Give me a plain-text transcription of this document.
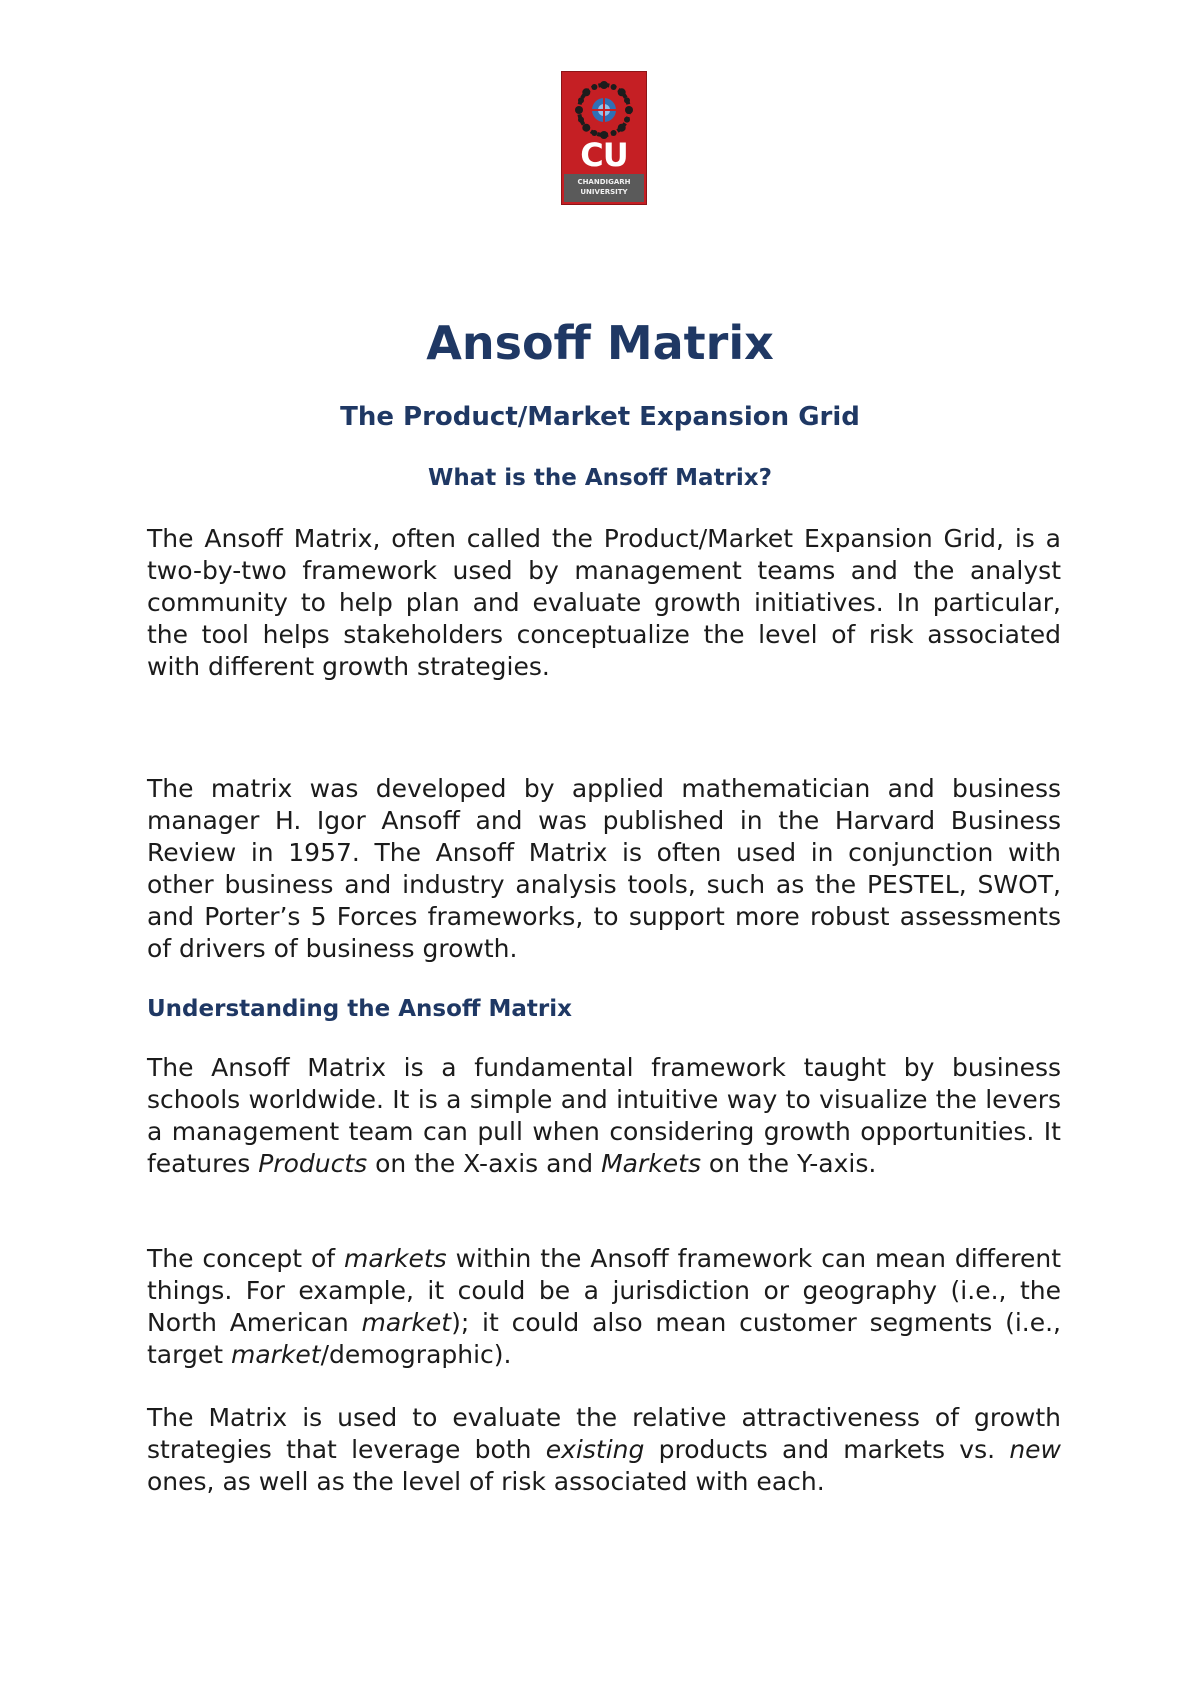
CU
CHANDIGARH
UNIVERSITY
Ansoff Matrix
The Product/Market Expansion Grid
What is the Ansoff Matrix?

The Ansoff Matrix, often called the Product/Market Expansion Grid, is a two-by-two framework used by management teams and the analyst community to help plan and evaluate growth initiatives. In particular, the tool helps stakeholders conceptualize the level of risk associated with different growth strategies.

The matrix was developed by applied mathematician and business manager H. Igor Ansoff and was published in the Harvard Business Review in 1957. The Ansoff Matrix is often used in conjunction with other business and industry analysis tools, such as the PESTEL, SWOT, and Porter’s 5 Forces frameworks, to support more robust assessments of drivers of business growth.

Understanding the Ansoff Matrix

The Ansoff Matrix is a fundamental framework taught by business schools worldwide. It is a simple and intuitive way to visualize the levers a management team can pull when considering growth opportunities. It features Products on the X-axis and Markets on the Y-axis.

The concept of markets within the Ansoff framework can mean different things. For example, it could be a jurisdiction or geography (i.e., the North American market); it could also mean customer segments (i.e., target market/demographic).

The Matrix is used to evaluate the relative attractiveness of growth strategies that leverage both existing products and markets vs. new ones, as well as the level of risk associated with each.
